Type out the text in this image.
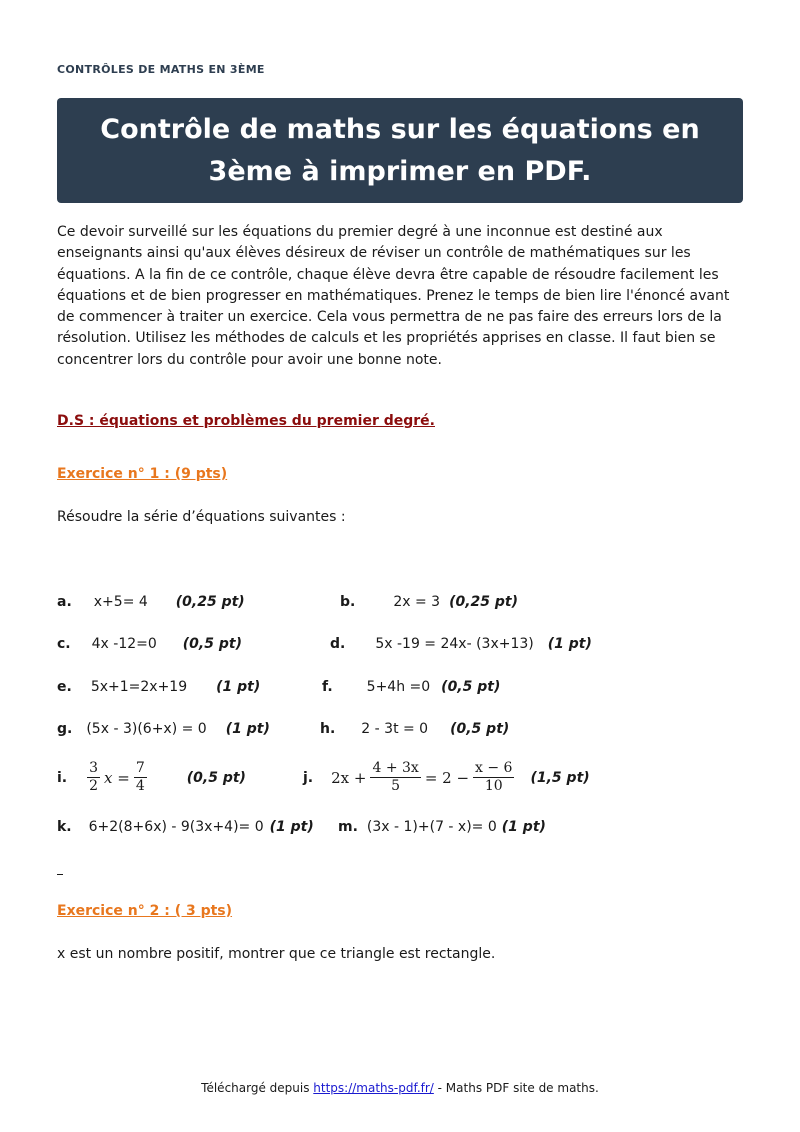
CONTRÔLES DE MATHS EN 3ÈME
Contrôle de maths sur les équations en 3ème à imprimer en PDF.

Ce devoir surveillé sur les équations du premier degré à une inconnue est destiné aux enseignants ainsi qu'aux élèves désireux de réviser un contrôle de mathématiques sur les équations. A la fin de ce contrôle, chaque élève devra être capable de résoudre facilement les équations et de bien progresser en mathématiques. Prenez le temps de bien lire l'énoncé avant de commencer à traiter un exercice. Cela vous permettra de ne pas faire des erreurs lors de la résolution. Utilisez les méthodes de calculs et les propriétés apprises en classe. Il faut bien se concentrer lors du contrôle pour avoir une bonne note.

D.S : équations et problèmes du premier degré.
Exercice n° 1 : (9 pts)
Résoudre la série d’équations suivantes :
a. x+5= 4 (0,25 pt)	b.	2x = 3 (0,25 pt)
c. 4x -12=0 (0,5 pt)	d. 5x -19 = 24x- (3x+13) (1 pt)
e. 5x+1=2x+19 (1 pt)	f. 5+4h =0 (0,5 pt)
g. (5x - 3)(6+x) = 0 (1 pt)	h. 2 - 3t = 0 (0,5 pt)
i. $\frac{3}{2}$ $x = \frac{7}{4}$	(0,5 pt)	j. $2x + \frac{4 + 3x}{5} = 2 - \frac{x - 6}{10} (1,5$ pt)
k. 6+2(8+6x) - 9(3x+4)= 0 (1 pt) m. (3x - 1)+(7 - x)= 0 (1 pt)
Exercice n° 2 : ( 3 pts)
x est un nombre positif, montrer que ce triangle est rectangle.
Téléchargé depuis https://maths-pdf.fr/ - Maths PDF site de maths.
